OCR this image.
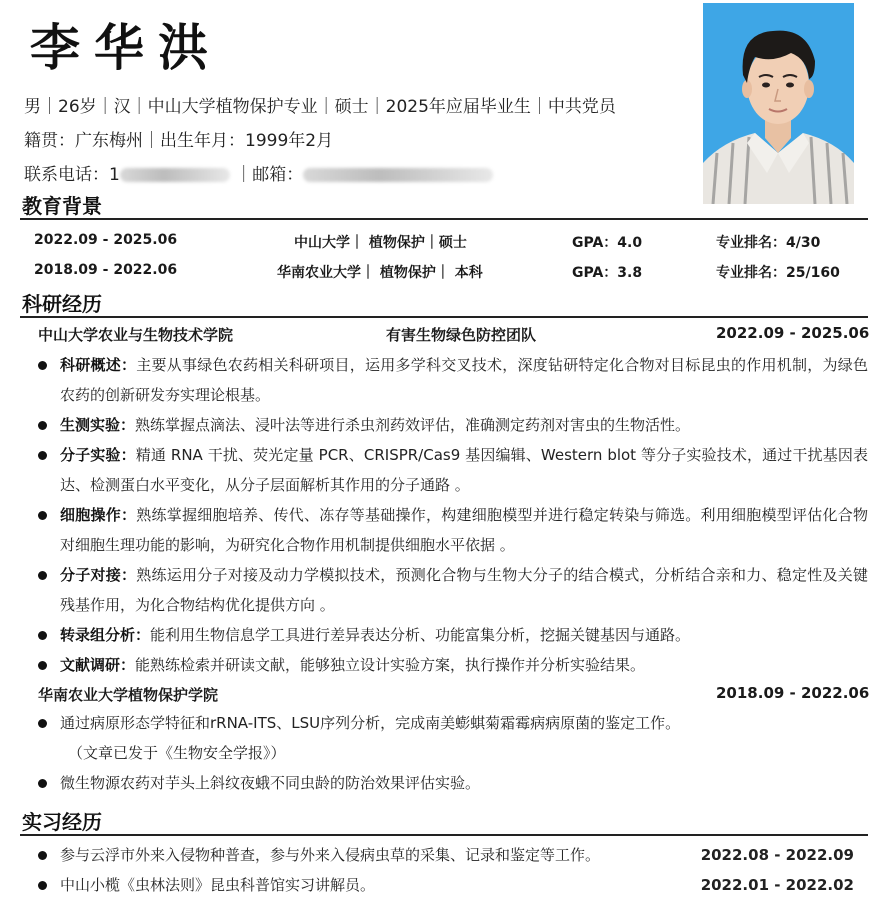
李华洪
男｜26岁｜汉｜中山大学植物保护专业｜硕士｜2025年应届毕业生｜中共党员
籍贯：广东梅州｜出生年月：1999年2月
联系电话：1	｜邮箱：
教育背景
2022.09 - 2025.06	中山大学｜ 植物保护｜硕士	GPA：4.0	专业排名：4/30
2018.09 - 2022.06	华南农业大学｜ 植物保护｜ 本科	GPA：3.8	专业排名：25/160
科研经历
中山大学农业与生物技术学院	有害生物绿色防控团队	2022.09 - 2025.06
科研概述：主要从事绿色农药相关科研项目，运用多学科交叉技术，深度钻研特定化合物对目标昆虫的作用机制，为绿色农药的创新研发夯实理论根基。
生测实验：熟练掌握点滴法、浸叶法等进行杀虫剂药效评估，准确测定药剂对害虫的生物活性。
分子实验：精通 RNA 干扰、荧光定量 PCR、CRISPR/Cas9 基因编辑、Western blot 等分子实验技术，通过干扰基因表达、检测蛋白水平变化，从分子层面解析其作用的分子通路 。
细胞操作：熟练掌握细胞培养、传代、冻存等基础操作，构建细胞模型并进行稳定转染与筛选。利用细胞模型评估化合物对细胞生理功能的影响，为研究化合物作用机制提供细胞水平依据 。
分子对接：熟练运用分子对接及动力学模拟技术，预测化合物与生物大分子的结合模式，分析结合亲和力、稳定性及关键残基作用，为化合物结构优化提供方向 。
转录组分析：能利用生物信息学工具进行差异表达分析、功能富集分析，挖掘关键基因与通路。
文献调研：能熟练检索并研读文献，能够独立设计实验方案，执行操作并分析实验结果。
华南农业大学植物保护学院	2018.09 - 2022.06
通过病原形态学特征和rRNA-ITS、LSU序列分析，完成南美蟛蜞菊霜霉病病原菌的鉴定工作。
（文章已发于《生物安全学报》）
微生物源农药对芋头上斜纹夜蛾不同虫龄的防治效果评估实验。
实习经历
参与云浮市外来入侵物种普查，参与外来入侵病虫草的采集、记录和鉴定等工作。	2022.08 - 2022.09
中山小榄《虫林法则》昆虫科普馆实习讲解员。	2022.01 - 2022.02
